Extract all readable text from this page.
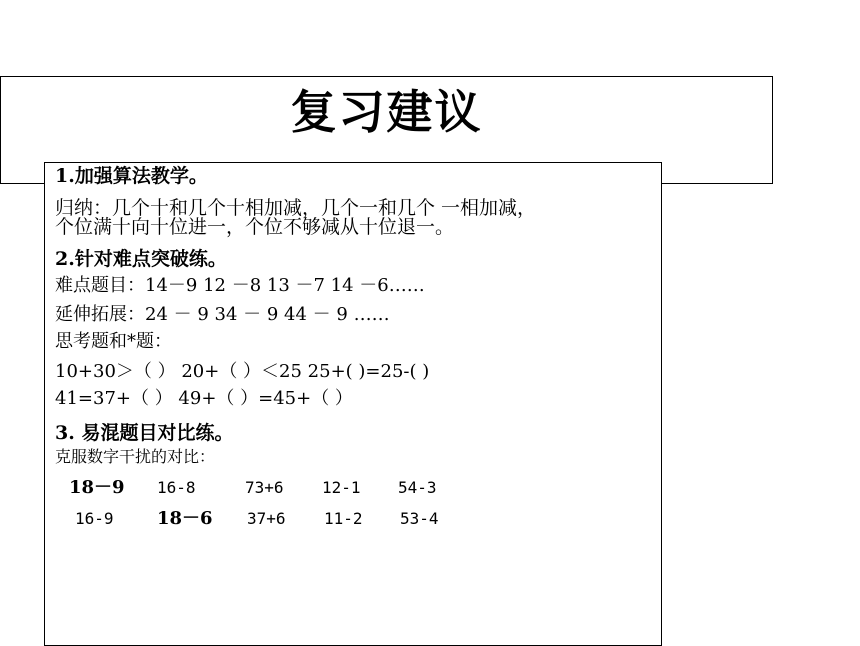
复习建议
1.加强算法教学。
归纳：几个十和几个十相加减，几个一和几个 一相加减，
个位满十向十位进一，个位不够减从十位退一。
2.针对难点突破练。
难点题目：14－9 12 －8 13 －7 14 －6……
延伸拓展：24 － 9 34 － 9 44 － 9 ……
思考题和*题：
10+30＞（ ） 20+（ ）＜25 25+( )=25-( )
41=37+（ ） 49+（ ）=45+（ ）
3. 易混题目对比练。
克服数字干扰的对比：
18－9 16-8	73+6 12-1 54-3
16-9 18－6 37+6 11-2 53-4
